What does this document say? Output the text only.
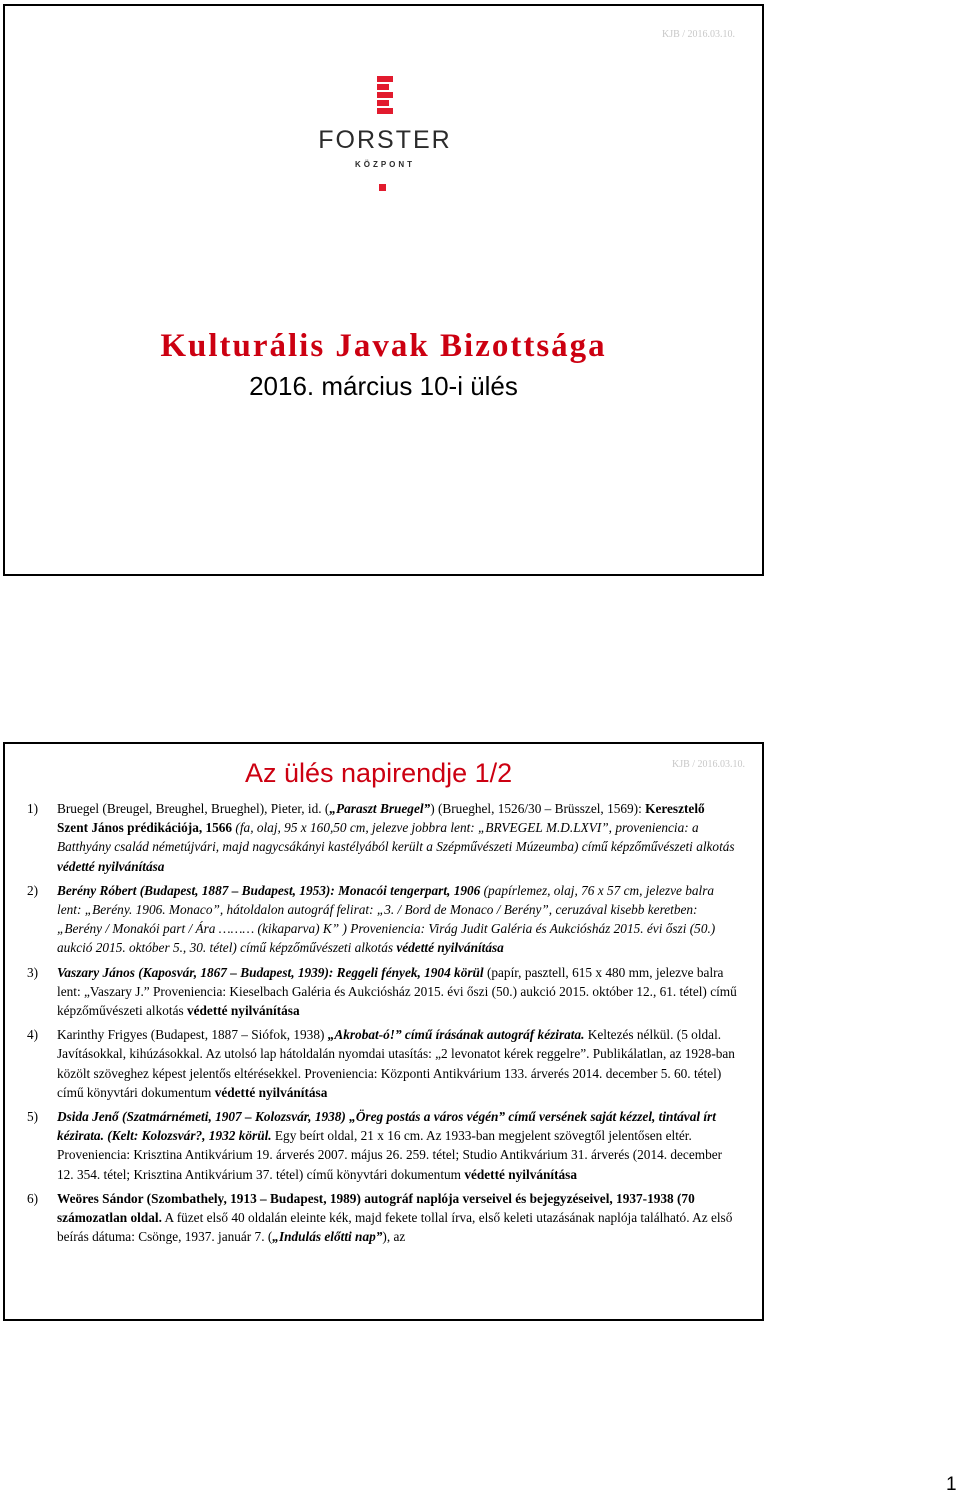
KJB / 2016.03.10.
FORSTER
KÖZPONT
Kulturális Javak Bizottsága
2016. március 10-i ülés
KJB / 2016.03.10.
Az ülés napirendje 1/2
1)	Bruegel (Breugel, Breughel, Brueghel), Pieter, id. („Paraszt Bruegel”) (Brueghel, 1526/30 – Brüsszel, 1569): Keresztelő Szent János prédikációja, 1566 (fa, olaj, 95 x 160,50 cm, jelezve jobbra lent: „BRVEGEL M.D.LXVI”, proveniencia: a Batthyány család németújvári, majd nagycsákányi kastélyából került a Szépművészeti Múzeumba) című képzőművészeti alkotás védetté nyilvánítása
2)	Berény Róbert (Budapest, 1887 – Budapest, 1953): Monacói tengerpart, 1906 (papírlemez, olaj, 76 x 57 cm, jelezve balra lent: „Berény. 1906. Monaco”, hátoldalon autográf felirat: „3. / Bord de Monaco / Berény”, ceruzával kisebb keretben: „Berény / Monakói part / Ára ……… (kikaparva) K” ) Proveniencia: Virág Judit Galéria és Aukciósház 2015. évi őszi (50.) aukció 2015. október 5., 30. tétel) című képzőművészeti alkotás védetté nyilvánítása
3)	Vaszary János (Kaposvár, 1867 – Budapest, 1939): Reggeli fények, 1904 körül (papír, pasztell, 615 x 480 mm, jelezve balra lent: „Vaszary J.” Proveniencia: Kieselbach Galéria és Aukciósház 2015. évi őszi (50.) aukció 2015. október 12., 61. tétel) című képzőművészeti alkotás védetté nyilvánítása
4)	Karinthy Frigyes (Budapest, 1887 – Siófok, 1938) „Akrobat-ó!” című írásának autográf kézirata. Keltezés nélkül. (5 oldal. Javításokkal, kihúzásokkal. Az utolsó lap hátoldalán nyomdai utasítás: „2 levonatot kérek reggelre”. Publikálatlan, az 1928-ban közölt szöveghez képest jelentős eltérésekkel. Proveniencia: Központi Antikvárium 133. árverés 2014. december 5. 60. tétel) című könyvtári dokumentum védetté nyilvánítása
5)	Dsida Jenő (Szatmárnémeti, 1907 – Kolozsvár, 1938) „Öreg postás a város végén” című versének saját kézzel, tintával írt kézirata. (Kelt: Kolozsvár?, 1932 körül. Egy beírt oldal, 21 x 16 cm. Az 1933-ban megjelent szövegtől jelentősen eltér. Proveniencia: Krisztina Antikvárium 19. árverés 2007. május 26. 259. tétel; Studio Antikvárium 31. árverés (2014. december 12. 354. tétel; Krisztina Antikvárium 37. tétel) című könyvtári dokumentum védetté nyilvánítása
6)	Weöres Sándor (Szombathely, 1913 – Budapest, 1989) autográf naplója verseivel és bejegyzéseivel, 1937-1938 (70 számozatlan oldal. A füzet első 40 oldalán eleinte kék, majd fekete tollal írva, első keleti utazásának naplója található. Az első beírás dátuma: Csönge, 1937. január 7. („Indulás előtti nap”), az
1
